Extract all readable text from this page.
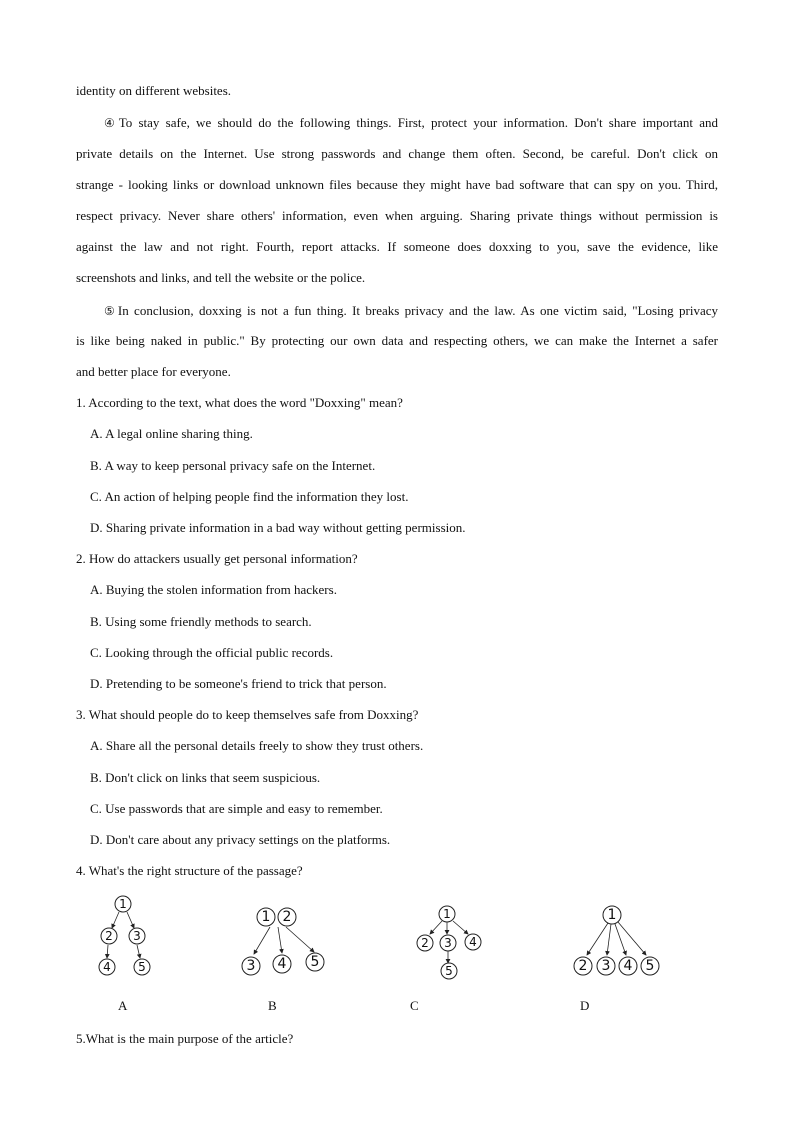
identity on different websites.
④To stay safe, we should do the following things. First, protect your information. Don't share important and
private details on the Internet. Use strong passwords and change them often. Second, be careful. Don't click on
strange - looking links or download unknown files because they might have bad software that can spy on you. Third,
respect privacy. Never share others' information, even when arguing. Sharing private things without permission is
against the law and not right. Fourth, report attacks. If someone does doxxing to you, save the evidence, like
screenshots and links, and tell the website or the police.
⑤In conclusion, doxxing is not a fun thing. It breaks privacy and the law. As one victim said, "Losing privacy
is like being naked in public." By protecting our own data and respecting others, we can make the Internet a safer
and better place for everyone.
1. According to the text, what does the word "Doxxing" mean?
A. A legal online sharing thing.
B. A way to keep personal privacy safe on the Internet.
C. An action of helping people find the information they lost.
D. Sharing private information in a bad way without getting permission.
2. How do attackers usually get personal information?
A. Buying the stolen information from hackers.
B. Using some friendly methods to search.
C. Looking through the official public records.
D. Pretending to be someone's friend to trick that person.
3. What should people do to keep themselves safe from Doxxing?
A. Share all the personal details freely to show they trust others.
B. Don't click on links that seem suspicious.
C. Use passwords that are simple and easy to remember.
D. Don't care about any privacy settings on the platforms.
4. What's the right structure of the passage?
1
2 3
4 5
A
1 2
3 4 5
B
1
2 3 4
5
C
1
2 3 4 5
D
5.What is the main purpose of the article?
